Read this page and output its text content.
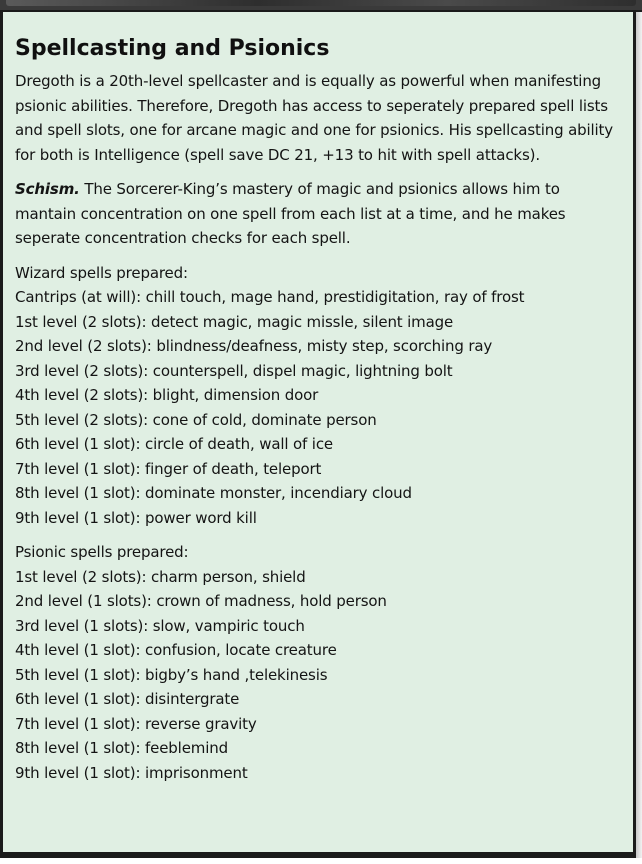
Spellcasting and Psionics

Dregoth is a 20th-level spellcaster and is equally as powerful when manifesting psionic abilities. Therefore, Dregoth has access to seperately prepared spell lists and spell slots, one for arcane magic and one for psionics. His spellcasting ability for both is Intelligence (spell save DC 21, +13 to hit with spell attacks).

Schism. The Sorcerer-King’s mastery of magic and psionics allows him to mantain concentration on one spell from each list at a time, and he makes seperate concentration checks for each spell.

Wizard spells prepared:

Cantrips (at will): chill touch, mage hand, prestidigitation, ray of frost
1st level (2 slots): detect magic, magic missle, silent image
2nd level (2 slots): blindness/deafness, misty step, scorching ray
3rd level (2 slots): counterspell, dispel magic, lightning bolt
4th level (2 slots): blight, dimension door
5th level (2 slots): cone of cold, dominate person
6th level (1 slot): circle of death, wall of ice
7th level (1 slot): finger of death, teleport
8th level (1 slot): dominate monster, incendiary cloud
9th level (1 slot): power word kill

Psionic spells prepared:

1st level (2 slots): charm person, shield
2nd level (1 slots): crown of madness, hold person
3rd level (1 slots): slow, vampiric touch
4th level (1 slot): confusion, locate creature
5th level (1 slot): bigby’s hand ,telekinesis
6th level (1 slot): disintergrate
7th level (1 slot): reverse gravity
8th level (1 slot): feeblemind
9th level (1 slot): imprisonment
